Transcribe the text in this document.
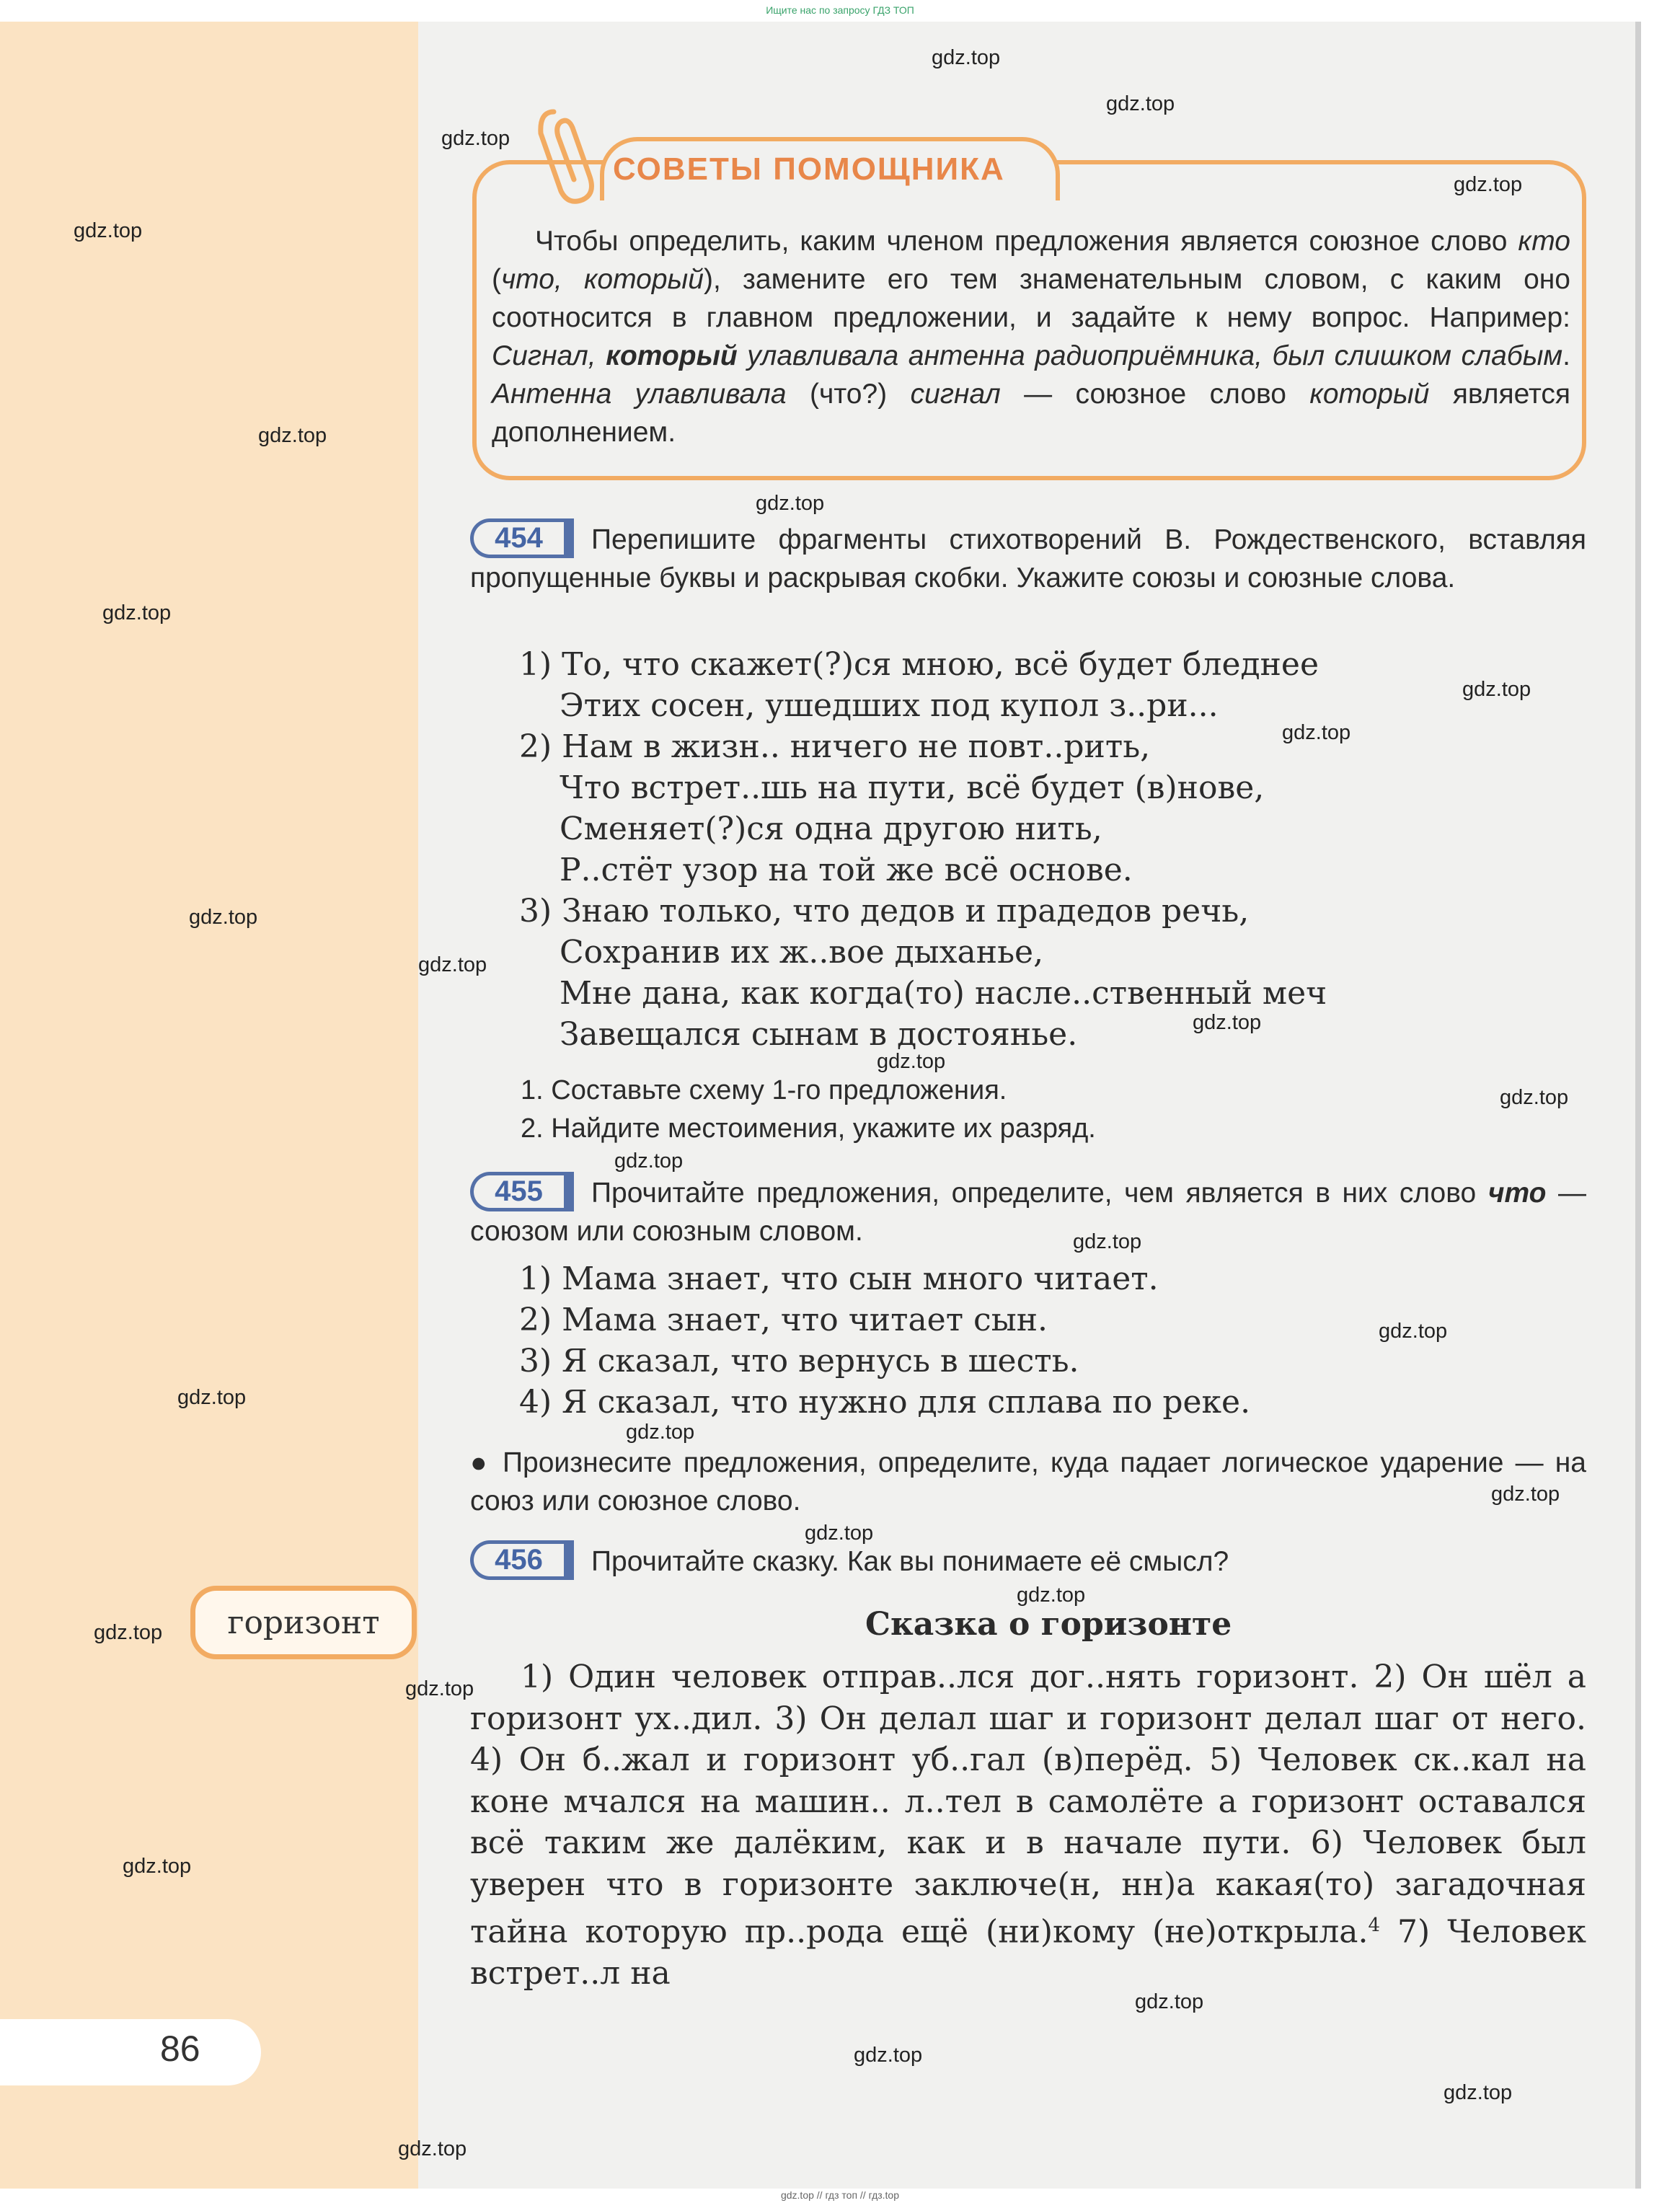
Ищите нас по запросу ГДЗ ТОП
СОВЕТЫ ПОМОЩНИКА
Чтобы определить, каким членом предложения является союзное слово кто (что, который), замените его тем знаменательным словом, с каким оно соотносится в главном предложении, и задайте к нему вопрос. Например: Сигнал, который улавливала антенна радиоприёмника, был слишком слабым. Антенна улавливала (что?) сигнал — союзное слово который является дополнением.
454	Перепишите фрагменты стихотворений В. Рождественского, вставляя пропущенные буквы и раскрывая скобки. Укажите союзы и союзные слова.
1) То, что скажет(?)ся мною, всё будет бледнее
Этих сосен, ушедших под купол з..ри...
2) Нам в жизн.. ничего не повт..рить,
Что встрет..шь на пути, всё будет (в)нове,
Сменяет(?)ся одна другою нить,
Р..стёт узор на той же всё основе.
3) Знаю только, что дедов и прадедов речь,
Сохранив их ж..вое дыханье,
Мне дана, как когда(то) насле..ственный меч
Завещался сынам в достоянье.
1. Составьте схему 1-го предложения.
2. Найдите местоимения, укажите их разряд.
455	Прочитайте предложения, определите, чем является в них слово что — союзом или союзным словом.
1) Мама знает, что сын много читает.
2) Мама знает, что читает сын.
3) Я сказал, что вернусь в шесть.
4) Я сказал, что нужно для сплава по реке.
● Произнесите предложения, определите, куда падает логическое ударение — на союз или союзное слово.
456	Прочитайте сказку. Как вы понимаете её смысл?
Сказка о горизонте
1) Один человек отправ..лся дог..нять горизонт. 2) Он шёл а горизонт ух..дил. 3) Он делал шаг и горизонт делал шаг от него. 4) Он б..жал и горизонт уб..гал (в)перёд. 5) Человек ск..кал на коне мчался на машин.. л..тел в самолёте а горизонт оставался всё таким же далёким, как и в начале пути. 6) Человек был уверен что в горизонте заключе(н, нн)а какая(то) загадочная тайна которую пр..рода ещё (ни)кому (не)открыла.$^4$ 7) Человек встрет..л на
горизонт
86
gdz.top
gdz.top
gdz.top
gdz.top
gdz.top
gdz.top
gdz.top
gdz.top
gdz.top
gdz.top
gdz.top
gdz.top
gdz.top
gdz.top
gdz.top
gdz.top
gdz.top
gdz.top
gdz.top
gdz.top
gdz.top
gdz.top
gdz.top
gdz.top
gdz.top
gdz.top
gdz.top
gdz.top
gdz.top
gdz.top
gdz.top // гдз топ // гдз.top
